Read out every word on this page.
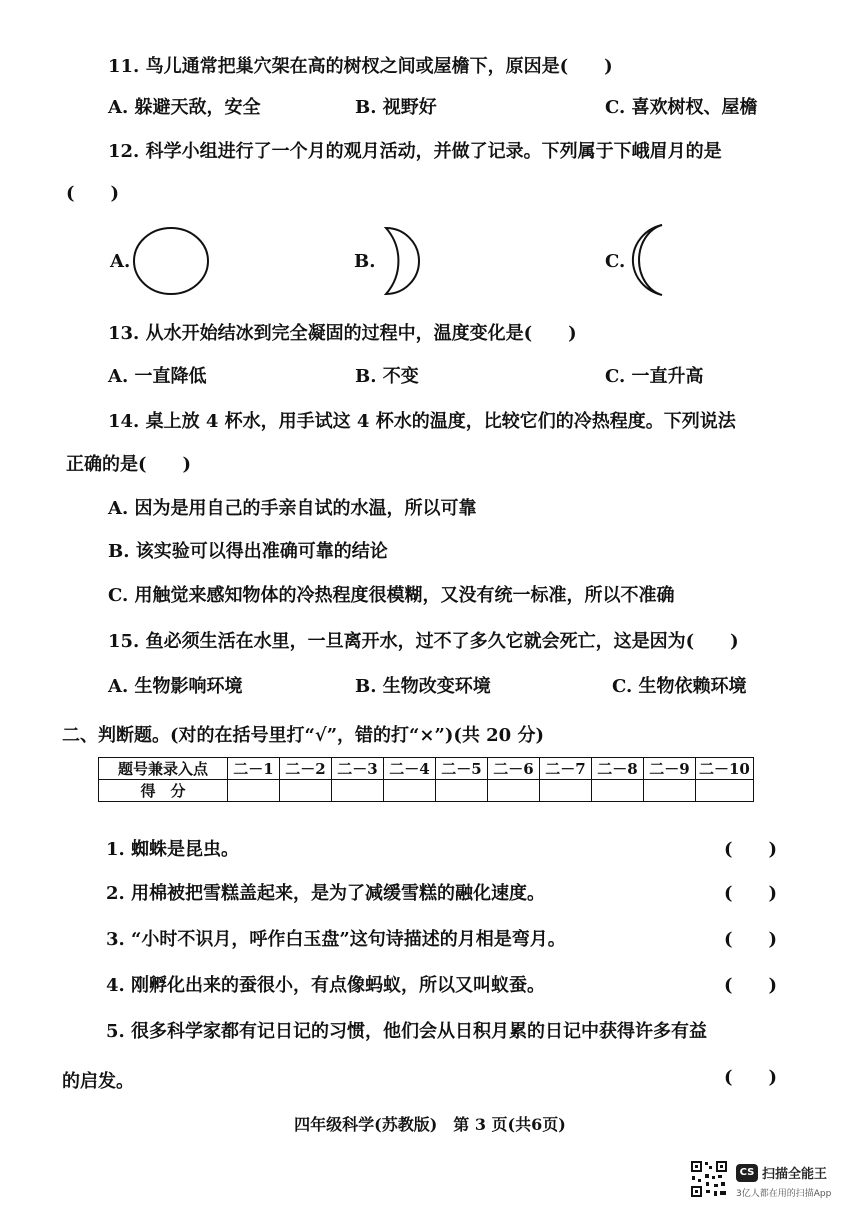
11. 鸟儿通常把巢穴架在高的树杈之间或屋檐下，原因是(　　)
A. 躲避天敌，安全	B. 视野好	C. 喜欢树杈、屋檐
12. 科学小组进行了一个月的观月活动，并做了记录。下列属于下峨眉月的是
(　　)
A.	B.	C.
13. 从水开始结冰到完全凝固的过程中，温度变化是(　　)
A. 一直降低	B. 不变	C. 一直升高
14. 桌上放 4 杯水，用手试这 4 杯水的温度，比较它们的冷热程度。下列说法
正确的是(　　)
A. 因为是用自己的手亲自试的水温，所以可靠
B. 该实验可以得出准确可靠的结论
C. 用触觉来感知物体的冷热程度很模糊，又没有统一标准，所以不准确
15. 鱼必须生活在水里，一旦离开水，过不了多久它就会死亡，这是因为(　　)
A. 生物影响环境	B. 生物改变环境	C. 生物依赖环境
二、判断题。(对的在括号里打“√”，错的打“×”)(共 20 分)
题号兼录入点	二－1	二－2	二－3	二－4	二－5	二－6	二－7	二－8	二－9	二－10
得　分										
1. 蜘蛛是昆虫。	(　　)
2. 用棉被把雪糕盖起来，是为了减缓雪糕的融化速度。	(　　)
3. “小时不识月，呼作白玉盘”这句诗描述的月相是弯月。	(　　)
4. 刚孵化出来的蚕很小，有点像蚂蚁，所以又叫蚁蚕。	(　　)
5. 很多科学家都有记日记的习惯，他们会从日积月累的日记中获得许多有益
的启发。	(　　)
四年级科学(苏教版)　第 3 页(共6页)
CS 扫描全能王
3亿人都在用的扫描App
